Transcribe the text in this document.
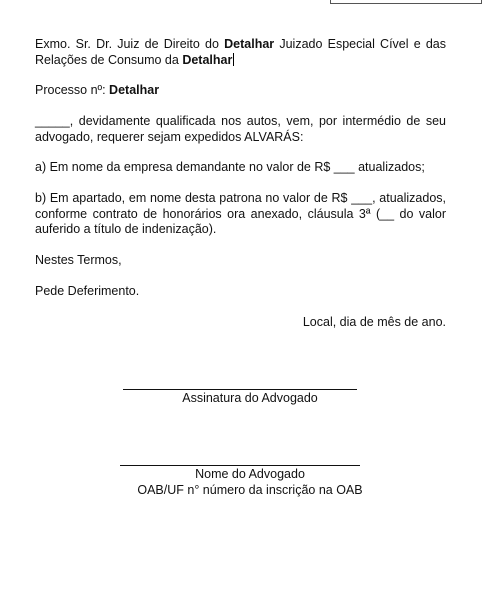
Exmo. Sr. Dr. Juiz de Direito do Detalhar Juizado Especial Cível e das Relações de Consumo da Detalhar

Processo nº: Detalhar

_____, devidamente qualificada nos autos, vem, por intermédio de seu advogado, requerer sejam expedidos ALVARÁS:

a) Em nome da empresa demandante no valor de R$ ___ atualizados;

b) Em apartado, em nome desta patrona no valor de R$ ___, atualizados, conforme contrato de honorários ora anexado, cláusula 3ª (__ do valor auferido a título de indenização).

Nestes Termos,

Pede Deferimento.

Local, dia de mês de ano.
Assinatura do Advogado
Nome do Advogado
OAB/UF n° número da inscrição na OAB
